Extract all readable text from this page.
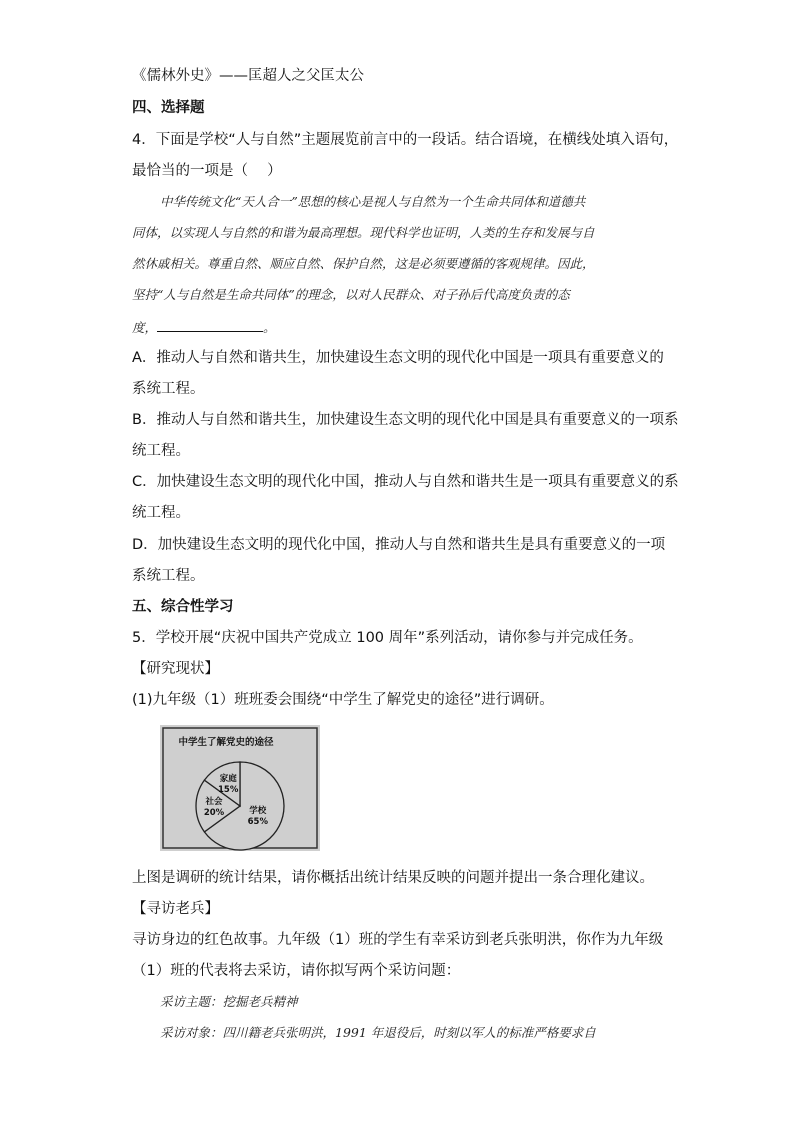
《儒林外史》——匡超人之父匡太公
四、选择题
4．下面是学校“人与自然”主题展览前言中的一段话。结合语境，在横线处填入语句，
最恰当的一项是（　 ）
中华传统文化“天人合一”思想的核心是视人与自然为一个生命共同体和道德共
同体，以实现人与自然的和谐为最高理想。现代科学也证明，人类的生存和发展与自
然休戚相关。尊重自然、顺应自然、保护自然，这是必须要遵循的客观规律。因此，
坚持“人与自然是生命共同体”的理念，以对人民群众、对子孙后代高度负责的态
度，	。
A．推动人与自然和谐共生，加快建设生态文明的现代化中国是一项具有重要意义的
系统工程。
B．推动人与自然和谐共生，加快建设生态文明的现代化中国是具有重要意义的一项系
统工程。
C．加快建设生态文明的现代化中国，推动人与自然和谐共生是一项具有重要意义的系
统工程。
D．加快建设生态文明的现代化中国，推动人与自然和谐共生是具有重要意义的一项
系统工程。
五、综合性学习
5．学校开展“庆祝中国共产党成立 100 周年”系列活动，请你参与并完成任务。
【研究现状】
(1)九年级（1）班班委会围绕“中学生了解党史的途径”进行调研。
中学生了解党史的途径
学校
65%
社会
20%
家庭
15%
上图是调研的统计结果，请你概括出统计结果反映的问题并提出一条合理化建议。
【寻访老兵】
寻访身边的红色故事。九年级（1）班的学生有幸采访到老兵张明洪，你作为九年级
（1）班的代表将去采访，请你拟写两个采访问题：
采访主题：挖掘老兵精神
采访对象：四川籍老兵张明洪，1991 年退役后，时刻以军人的标准严格要求自
